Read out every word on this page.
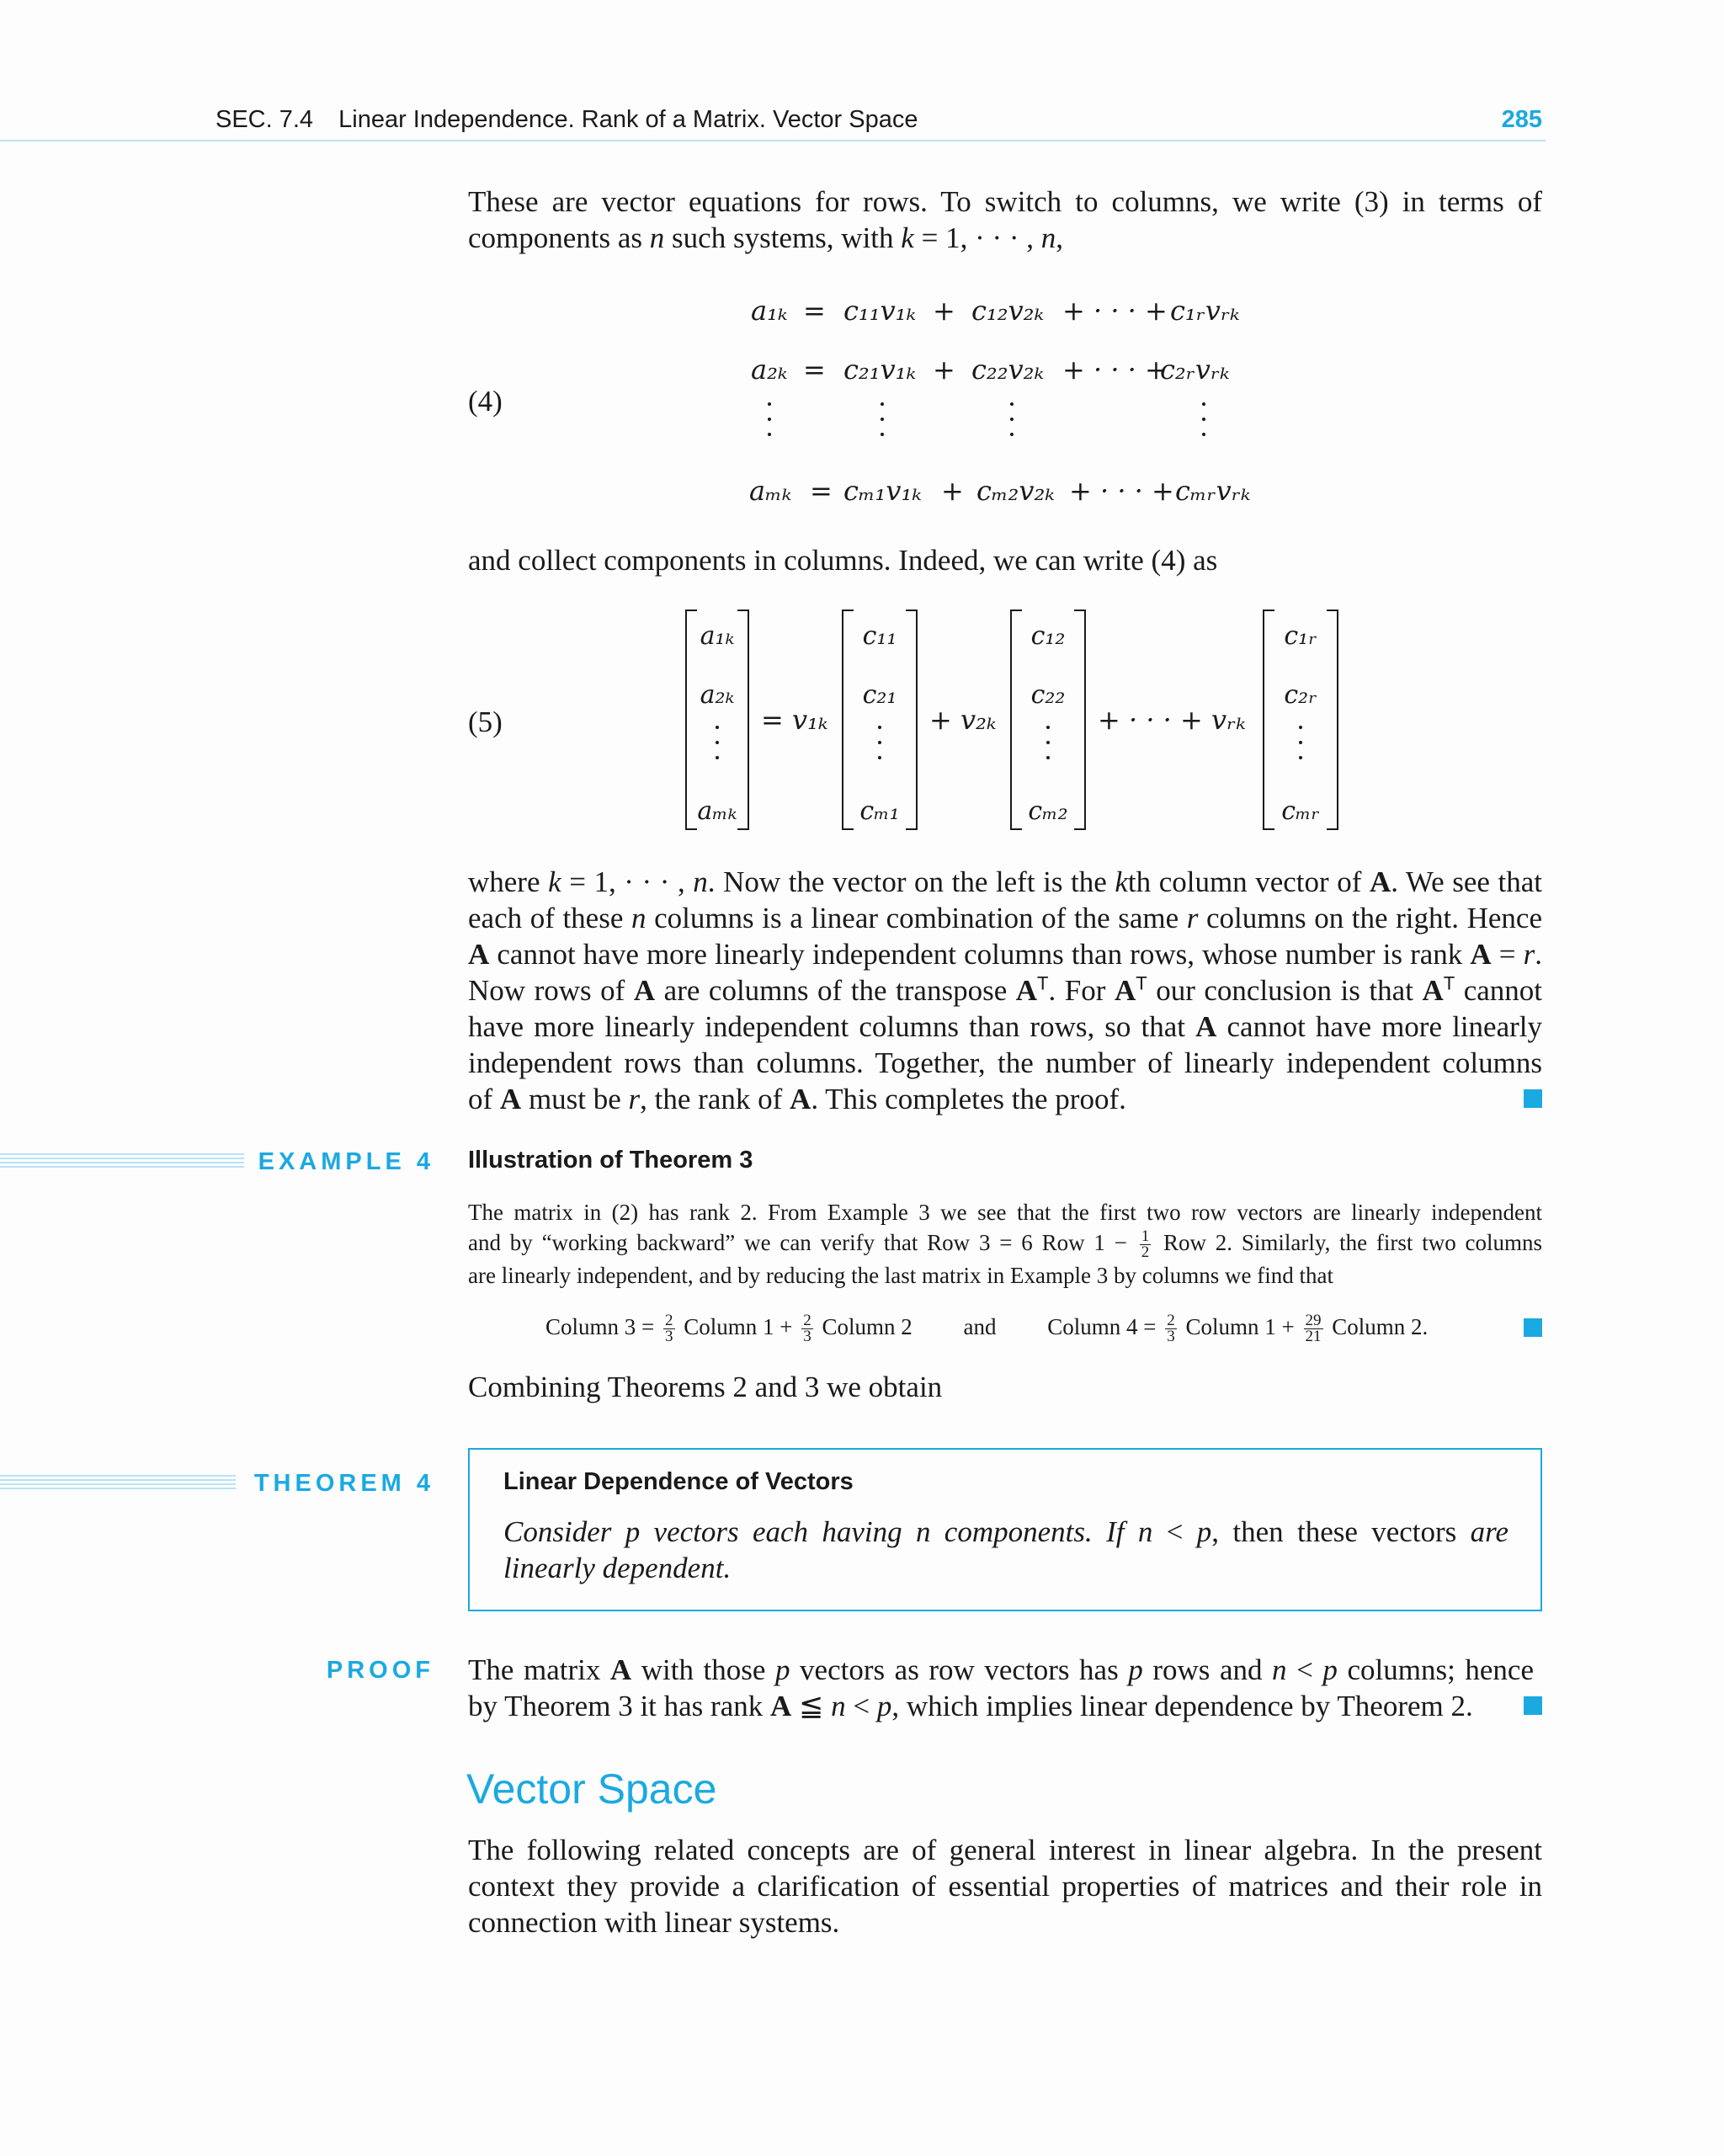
SEC. 7.4 Linear Independence. Rank of a Matrix. Vector Space	285
These are vector equations for rows. To switch to columns, we write (3) in terms of
components as n such systems, with k = 1, · · · , n,
(4)
a₁ₖ = c₁₁v₁ₖ + c₁₂v₂ₖ + · · · + c₁ᵣvᵣₖ
a₂ₖ = c₂₁v₁ₖ + c₂₂v₂ₖ + · · · +
c₂ᵣvᵣₖ
aₘₖ = cₘ₁v₁ₖ + cₘ₂v₂ₖ + · · · + cₘᵣvᵣₖ
and collect components in columns. Indeed, we can write (4) as
(5)
a₁ₖ
a₂ₖ
aₘₖ
= v₁ₖ
c₁₁
c₂₁
cₘ₁
+ v₂ₖ
c₁₂
c₂₂
cₘ₂
+ · · · + vᵣₖ
c₁ᵣ
c₂ᵣ
cₘᵣ
where k = 1, · · · , n. Now the vector on the left is the kth column vector of A. We see that
each of these n columns is a linear combination of the same r columns on the right. Hence
A cannot have more linearly independent columns than rows, whose number is rank A = r.
Now rows of A are columns of the transpose $A^T$. For $A^T$ our conclusion is that $A^T$ cannot
have more linearly independent columns than rows, so that A cannot have more linearly
independent rows than columns. Together, the number of linearly independent columns
of A must be r, the rank of A. This completes the proof.
EXAMPLE 4 Illustration of Theorem 3
The matrix in (2) has rank 2. From Example 3 we see that the first two row vectors are linearly independent
and by “working backward” we can verify that Row 3 = 6 Row $1 - \frac{1}{2}$ Row 2. Similarly, the first two columns
are linearly independent, and by reducing the last matrix in Example 3 by columns we find that
Column $3 = \frac{2}{3}$ Column $1 + \frac{2}{3}$ Column 2 and Column $4 = \frac{2}{3}$ Column $1 + \frac{29}{21}$ Column 2.
Combining Theorems 2 and 3 we obtain
THEOREM 4	Linear Dependence of Vectors
Consider p vectors each having n components. If n < p, then these vectors are
linearly dependent.
PROOF The matrix A with those p vectors as row vectors has p rows and n < p columns; hence
by Theorem 3 it has rank A ≦ n < p, which implies linear dependence by Theorem 2.
Vector Space
The following related concepts are of general interest in linear algebra. In the present
context they provide a clarification of essential properties of matrices and their role in
connection with linear systems.
